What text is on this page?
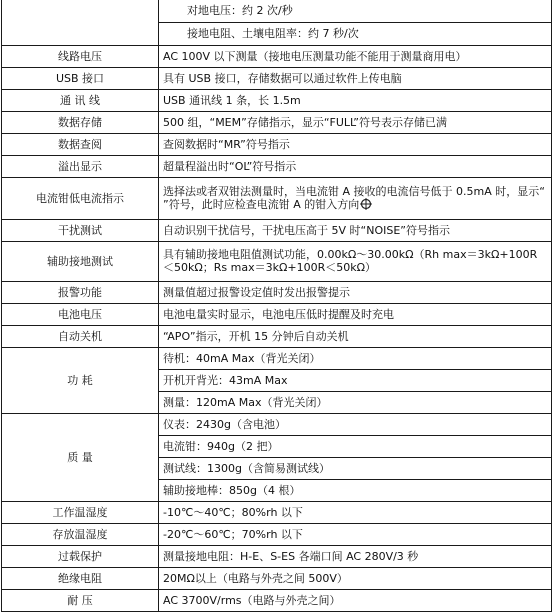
	对地电压：约 2 次/秒
	接地电阻、土壤电阻率：约 7 秒/次
线路电压	AC 100V 以下测量（接地电压测量功能不能用于测量商用电）
USB 接口	具有 USB 接口，存储数据可以通过软件上传电脑
通 讯 线	USB 通讯线 1 条，长 1.5m
数据存储	500 组，“MEM”存储指示，显示“FULL”符号表示存储已满
数据查阅	查阅数据时“MR”符号指示
溢出显示	超量程溢出时“OL”符号指示
电流钳低电流指示	选择法或者双钳法测量时，当电流钳 A 接收的电流信号低于 0.5mA 时，显示“ ”符号，此时应检查电流钳 A 的钳入方向
干扰测试	自动识别干扰信号，干扰电压高于 5V 时“NOISE”符号指示
辅助接地测试	具有辅助接地电阻值测试功能，0.00kΩ～30.00kΩ（Rh max＝3kΩ+100R＜50kΩ；Rs max＝3kΩ+100R＜50kΩ）
报警功能	测量值超过报警设定值时发出报警提示
电池电压	电池电量实时显示，电池电压低时提醒及时充电
自动关机	“APO”指示，开机 15 分钟后自动关机
功 耗	待机：40mA Max（背光关闭）
	开机开背光：43mA Max
	测量：120mA Max（背光关闭）
质 量	仪表：2430g（含电池）
	电流钳：940g（2 把）
	测试线：1300g（含简易测试线）
	辅助接地棒：850g（4 根）
工作温湿度	-10℃～40℃；80%rh 以下
存放温湿度	-20℃～60℃；70%rh 以下
过载保护	测量接地电阻：H-E、S-ES 各端口间 AC 280V/3 秒
绝缘电阻	20MΩ以上（电路与外壳之间 500V）
耐 压	AC 3700V/rms（电路与外壳之间）
